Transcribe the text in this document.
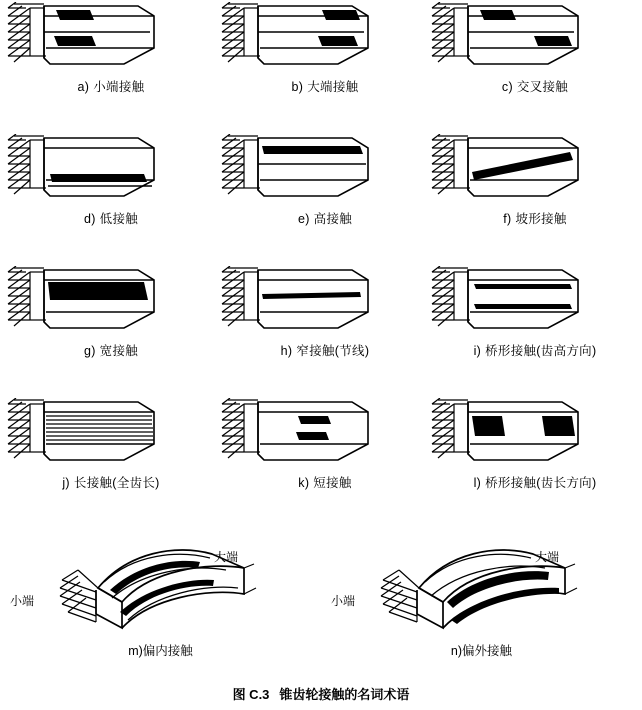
a) 小端接触	b) 大端接触	c) 交叉接触
d) 低接触	e) 高接触	f) 坡形接触
g) 宽接触	h) 窄接触(节线)	i) 桥形接触(齿高方向)
j) 长接触(全齿长)	k) 短接触	l) 桥形接触(齿长方向)
大端
小端
m)偏内接触
大端
小端
n)偏外接触
图 C.3 锥齿轮接触的名词术语
